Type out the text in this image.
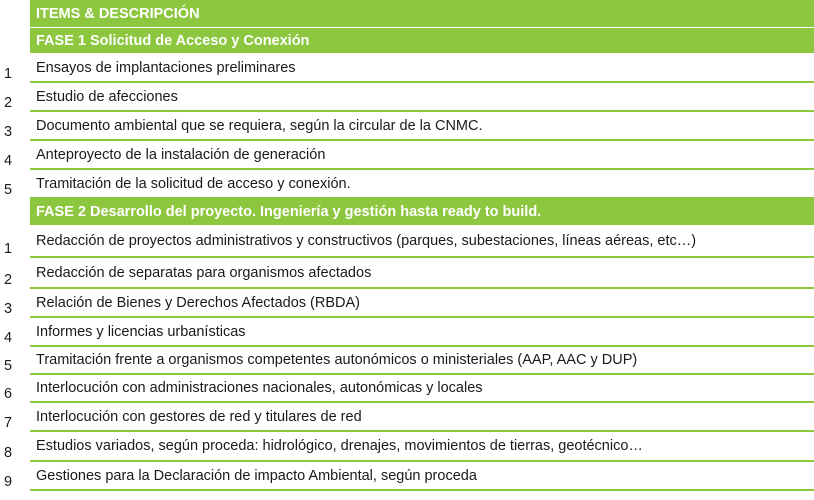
ITEMS & DESCRIPCIÓN
FASE 1 Solicitud de Acceso y Conexión
1	Ensayos de implantaciones preliminares
2	Estudio de afecciones
3	Documento ambiental que se requiera, según la circular de la CNMC.
4	Anteproyecto de la instalación de generación
5	Tramitación de la solicitud de acceso y conexión.
FASE 2 Desarrollo del proyecto. Ingeniería y gestión hasta ready to build.
1	Redacción de proyectos administrativos y constructivos (parques, subestaciones, líneas aéreas, etc…)
2	Redacción de separatas para organismos afectados
3	Relación de Bienes y Derechos Afectados (RBDA)
4	Informes y licencias urbanísticas
5	Tramitación frente a organismos competentes autonómicos o ministeriales (AAP, AAC y DUP)
6	Interlocución con administraciones nacionales, autonómicas y locales
7	Interlocución con gestores de red y titulares de red
8	Estudios variados, según proceda: hidrológico, drenajes, movimientos de tierras, geotécnico…
9	Gestiones para la Declaración de impacto Ambiental, según proceda
